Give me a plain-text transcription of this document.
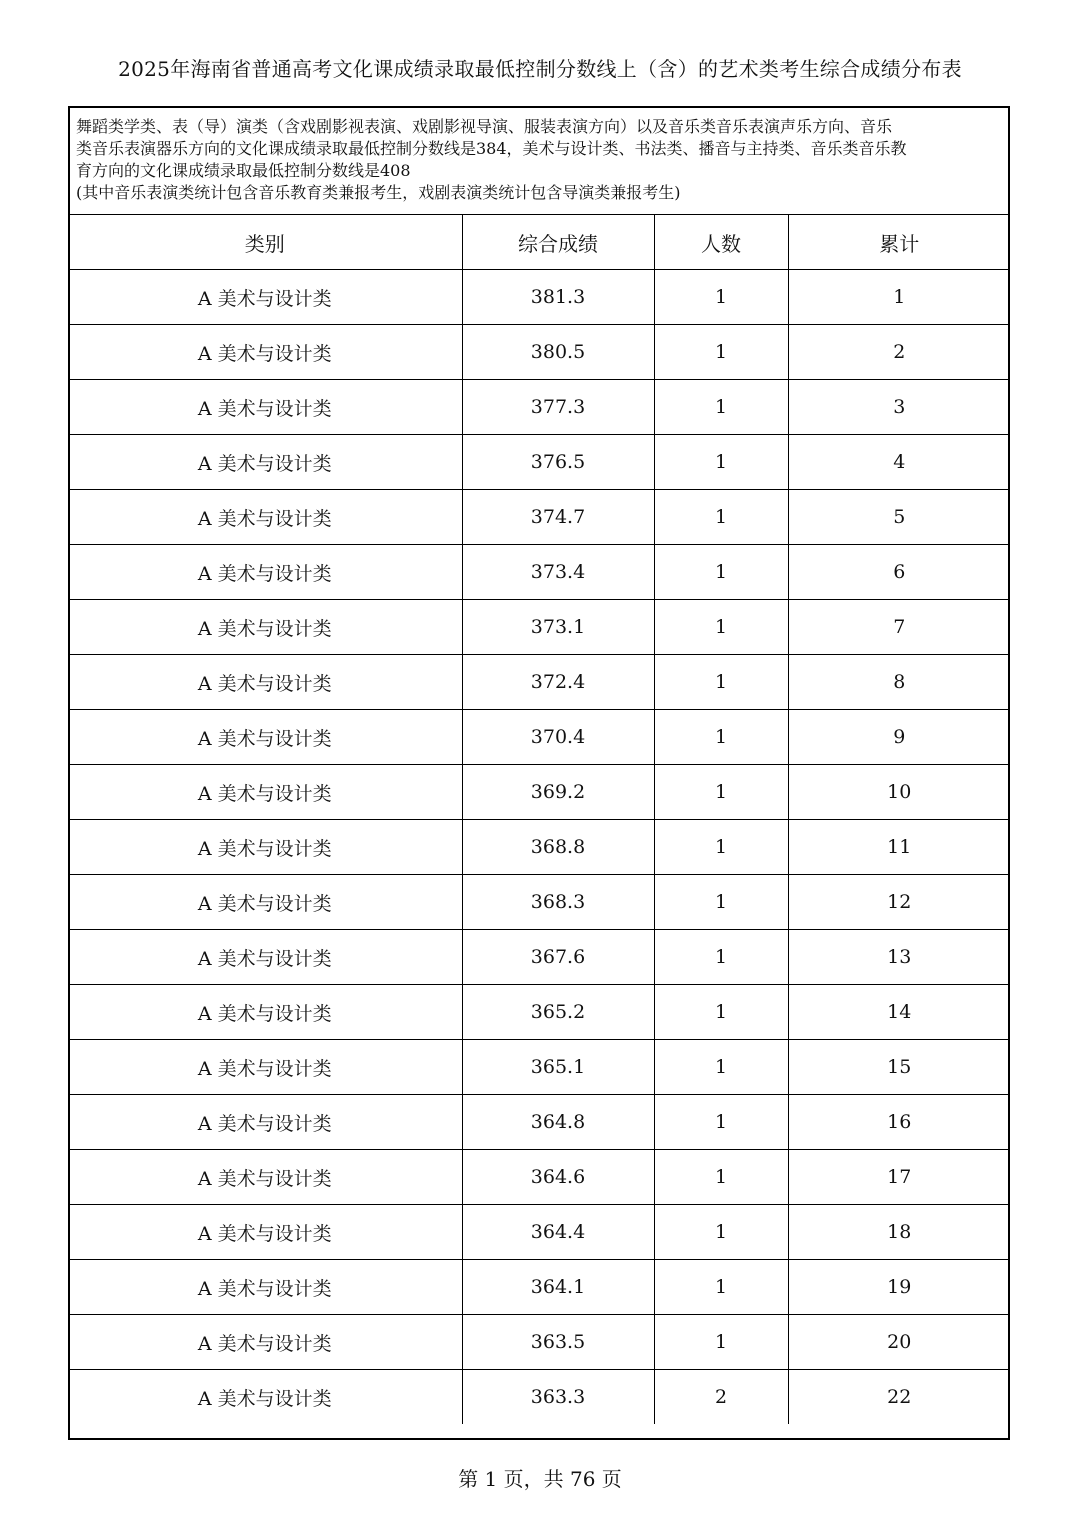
2025年海南省普通高考文化课成绩录取最低控制分数线上（含）的艺术类考生综合成绩分布表
舞蹈类学类、表（导）演类（含戏剧影视表演、戏剧影视导演、服装表演方向）以及音乐类音乐表演声乐方向、音乐
类音乐表演器乐方向的文化课成绩录取最低控制分数线是384，美术与设计类、书法类、播音与主持类、音乐类音乐教
育方向的文化课成绩录取最低控制分数线是408
(其中音乐表演类统计包含音乐教育类兼报考生，戏剧表演类统计包含导演类兼报考生)
类别	综合成绩	人数	累计
A 美术与设计类	381.3	1	1
A 美术与设计类	380.5	1	2
A 美术与设计类	377.3	1	3
A 美术与设计类	376.5	1	4
A 美术与设计类	374.7	1	5
A 美术与设计类	373.4	1	6
A 美术与设计类	373.1	1	7
A 美术与设计类	372.4	1	8
A 美术与设计类	370.4	1	9
A 美术与设计类	369.2	1	10
A 美术与设计类	368.8	1	11
A 美术与设计类	368.3	1	12
A 美术与设计类	367.6	1	13
A 美术与设计类	365.2	1	14
A 美术与设计类	365.1	1	15
A 美术与设计类	364.8	1	16
A 美术与设计类	364.6	1	17
A 美术与设计类	364.4	1	18
A 美术与设计类	364.1	1	19
A 美术与设计类	363.5	1	20
A 美术与设计类	363.3	2	22
第 1 页，共 76 页
